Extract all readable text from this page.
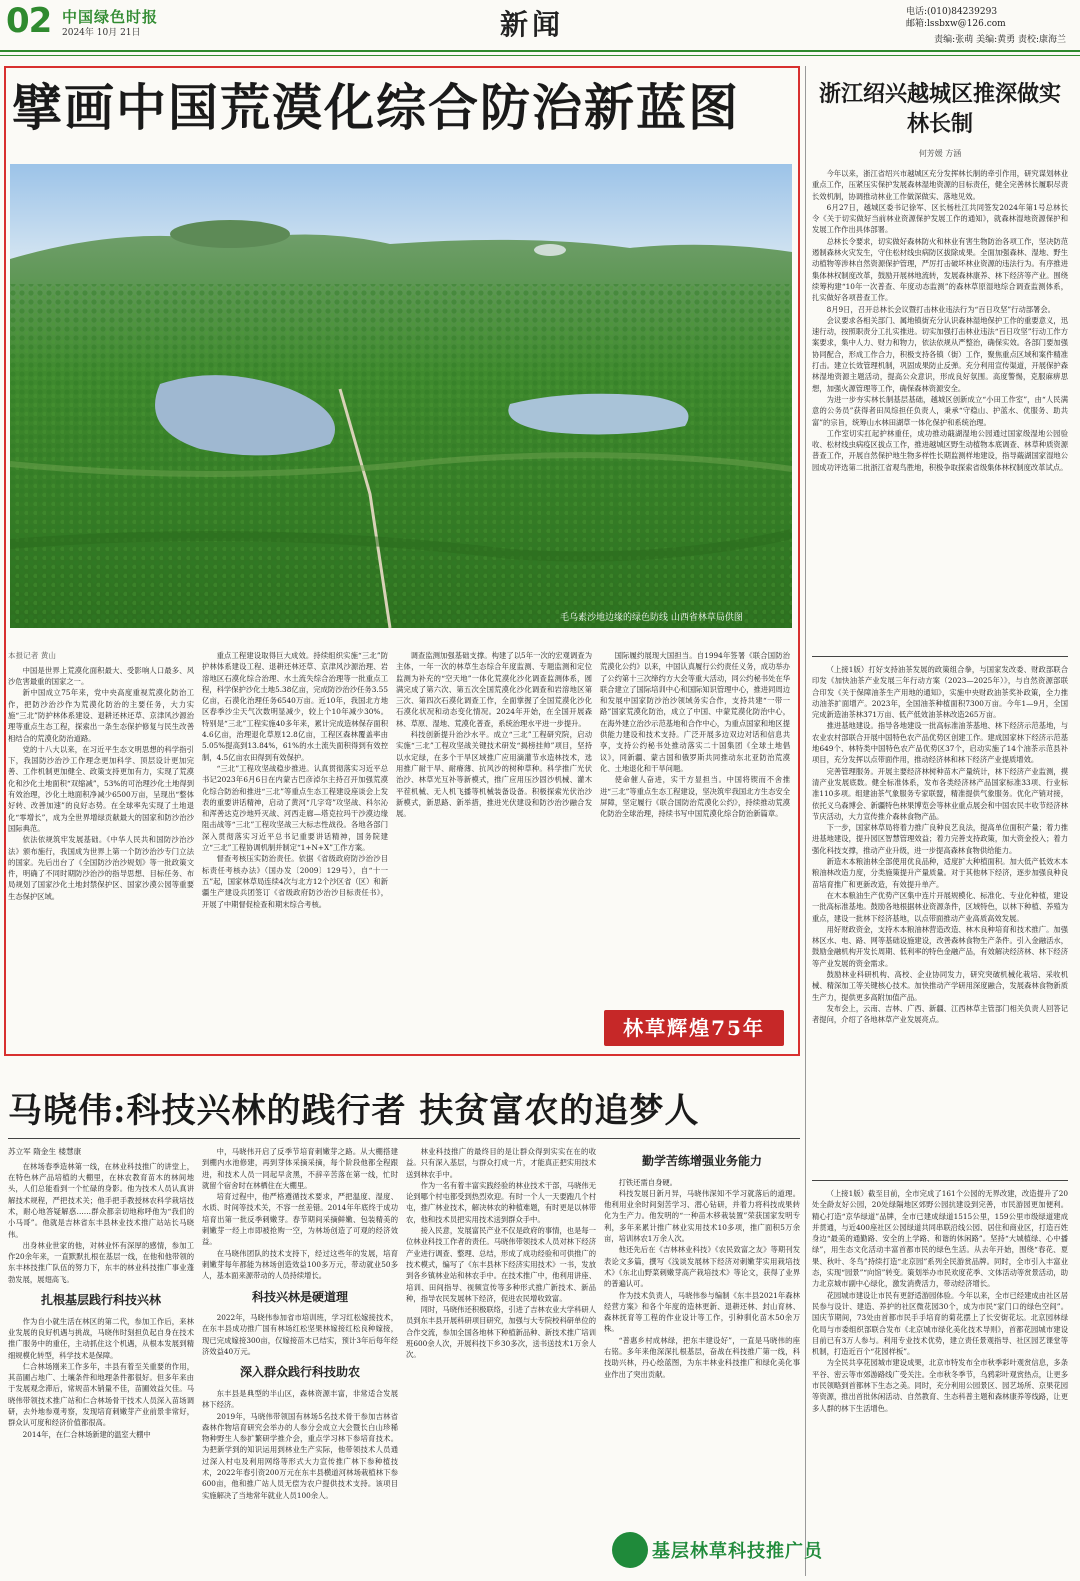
02 中国绿色时报
2024年 10月 21日	新闻	电话:(010)84239293
邮箱:lssbxw@126.com
责编:张萌 美编:黄勇 责校:康海兰
擘画中国荒漠化综合防治新蓝图
毛乌素沙地边缘的绿色防线 山西省林草局供图
本报记者 黄山

中国是世界上荒漠化面积最大、受影响人口最多、风沙危害最重的国家之一。

新中国成立75年来，党中央高度重视荒漠化防治工作，把防沙治沙作为荒漠化防治的主要任务，大力实施“三北”防护林体系建设、退耕还林还草、京津风沙源治理等重点生态工程，探索出一条生态保护修复与民生改善相结合的荒漠化防治道路。

党的十八大以来，在习近平生态文明思想的科学指引下，我国防沙治沙工作理念更加科学、顶层设计更加完善、工作机制更加健全、政策支持更加有力，实现了荒漠化和沙化土地面积“双缩减”，53%的可治理沙化土地得到有效治理，沙化土地面积净减少6500万亩，呈现出“整体好转、改善加速”的良好态势。在全球率先实现了土地退化“零增长”，成为全世界增绿贡献最大的国家和防沙治沙国际典范。

依法依规筑牢发展基础。《中华人民共和国防沙治沙法》颁布施行，我国成为世界上第一个防沙治沙专门立法的国家。先后出台了《全国防沙治沙规划》等一批政策文件，明确了不同时期防沙治沙的指导思想、目标任务、布局规划了国家沙化土地封禁保护区、国家沙漠公园等重要生态保护区域。

重点工程建设取得巨大成效。持续组织实施“三北”防护林体系建设工程、退耕还林还草、京津风沙源治理、岩溶地区石漠化综合治理、水土流失综合治理等一批重点工程，科学保护沙化土地5.38亿亩，完成防沙治沙任务3.55亿亩，石漠化治理任务6540万亩。近10年，我国北方地区春季沙尘天气次数明显减少，较上个10年减少30%。特别是“三北”工程实施40多年来，累计完成造林保存面积4.6亿亩，治理退化草原12.8亿亩，工程区森林覆盖率由5.05%提高到13.84%，61%的水土流失面积得到有效控制，4.5亿亩农田得到有效保护。

“三北”工程攻坚战稳步推进。认真贯彻落实习近平总书记2023年6月6日在内蒙古巴彦淖尔主持召开加强荒漠化综合防治和推进“三北”等重点生态工程建设座谈会上发表的重要讲话精神，启动了黄河“几字弯”攻坚战、科尔沁和浑善达克沙地歼灭战、河西走廊—塔克拉玛干沙漠边缘阻击战等“三北”工程攻坚战三大标志性战役。各地各部门深入贯彻落实习近平总书记重要讲话精神，国务院建立“三北”工程协调机制并制定“1+N+X”工作方案。

督查考核压实防治责任。依据《省级政府防沙治沙目标责任考核办法》（国办发〔2009〕129号），自“十一五”起，国家林草局连续4次与北方12个沙区省（区）和新疆生产建设兵团签订《省级政府防沙治沙目标责任书》，开展了中期督促检查和期末综合考核。

调查监测加强基础支撑。构建了以5年一次的宏观调查为主体，一年一次的林草生态综合年度监测、专题监测和定位监测为补充的“空天地”一体化荒漠化沙化调查监测体系，圆满完成了第六次、第五次全国荒漠化沙化调查和岩溶地区第三次、第四次石漠化调查工作，全面掌握了全国荒漠化沙化石漠化状况和动态变化情况。2024年开始，在全国开展森林、草原、湿地、荒漠化普查，系统治理水平进一步提升。

科技创新提升治沙水平。成立“三北”工程研究院，启动实施“三北”工程攻坚战关键技术研发“揭榜挂帅”项目，坚持以水定绿，在多个干旱区域推广应用滴灌节水造林技术，选用推广耐干旱、耐瘠薄、抗风沙的树种草种。科学推广光伏治沙、林草光互补等新模式，推广应用压沙固沙机械、灌木平茬机械、无人机飞播等机械装备设备。积极探索光伏治沙新模式，新思路、新举措，推进光伏建设和防沙治沙融合发展。

国际履约展现大国担当。自1994年签署《联合国防治荒漠化公约》以来，中国认真履行公约责任义务，成功举办了公约第十三次缔约方大会等重大活动，同公约秘书处在华联合建立了国际培训中心和国际知识管理中心，推进同周边和发展中国家防沙治沙领域务实合作，支持共建“一带一路”国家荒漠化防治，成立了中国、中蒙荒漠化防治中心，在海外建立治沙示范基地和合作中心，为重点国家和地区提供能力建设和技术支持。广泛开展多边双边对话和信息共享，支持公约秘书处推动落实二十国集团《全球土地倡议》，同新疆、蒙古国和俄罗斯共同推动东北亚防治荒漠化、土地退化和干旱问题。

使命催人奋进，实干方显担当。中国将锲而不舍推进“三北”等重点生态工程建设，坚决筑牢我国北方生态安全屏障，坚定履行《联合国防治荒漠化公约》，持续推动荒漠化防治全球治理，持续书写中国荒漠化综合防治新篇章。

林草辉煌75年
浙江绍兴越城区推深做实林长制
何芳媛 方涵

今年以来，浙江省绍兴市越城区充分发挥林长制的牵引作用，研究谋划林业重点工作，压紧压实保护发展森林湿地资源的目标责任，健全完善林长履职尽责长效机制，协调推动林业工作做深做实、落地见效。

6月27日，越城区委书记徐军、区长杨杜江共同签发2024年第1号总林长令《关于切实做好当前林业资源保护发展工作的通知》，就森林湿地资源保护和发展工作作出具体部署。

总林长令要求，切实做好森林防火和林业有害生物防治各项工作，坚决防范遏制森林火灾发生，守住松材线虫病防区拔除成果。全面加强森林、湿地、野生动植物等涉林自然资源保护管理，严厉打击破坏林业资源的违法行为。有序推进集体林权制度改革，鼓励开展林地流转，发展森林康养、林下经济等产业。围绕续筹构建“10年一次普查、年度动态监测”的森林草原湿地综合调查监测体系，扎实做好各项普查工作。

8月9日，召开总林长会议暨打击林业违法行为“百日攻坚”行动部署会。

会议要求各相关部门、属地镇街充分认识森林湿地保护工作的重要意义，迅速行动，按照职责分工扎实推进。切实加强打击林业违法“百日攻坚”行动工作方案要求，集中人力、财力和物力，依法依规从严整治，确保实效。各部门要加强协同配合，形成工作合力，积极支持各镇（街）工作，聚焦重点区域和案件精准打击。建立长效管理机制，巩固成果防止反弹。充分利用宣传渠道，开展保护森林湿地资源主题活动，提高公众意识，形成良好氛围。高度警惕，克服麻痹思想，加强火源管理等工作，确保森林资源安全。

为进一步夯实林长制基层基础，越城区创新成立“小田工作室”，由“人民满意的公务员”获得者田凤综担任负责人，秉承“守稳山、护蓝水、优服务、助共富”的宗旨，统筹山水林田湖草一体化保护和系统治理。

工作室切实扛起护林重任，成功推动蕺湖湿地公园通过国家级湿地公园验收、松材线虫病疫区拔点工作，推进越城区野生动植物本底调查、林草种质资源普查工作，开展自然保护地生物多样性长期监测样地建设，指导蕺湖国家湿地公园成功评选第二批浙江省观鸟胜地，积极争取探索省级集体林权制度改革试点。

（上接1版）打好支持油茶发展的政策组合拳，与国家发改委、财政部联合印发《加快油茶产业发展三年行动方案（2023—2025年）》，与自然资源部联合印发《关于保障油茶生产用地的通知》，实施中央财政油茶奖补政策，全力推动油茶扩面增产。2023年，全国油茶种植面积7300万亩。今年1—9月，全国完成新造油茶林371万亩、低产低效油茶林改造265万亩。

推进基地建设。指导各地建设一批高标准油茶基地、林下经济示范基地，与农业农村部联合开展中国特色农产品优势区创建工作。建成国家林下经济示范基地649个、林特类中国特色农产品优势区37个，启动实施了14个油茶示范县补项目，充分发挥以点带面作用，推动经济林和林下经济产业提质增效。

完善管理服务。开展主要经济林树种苗木产量统计，林下经济产业监测，摸清产业发展底数。健全标准体系，发布各类经济林产品国家标准33项、行业标准110多项。组建油茶气象服务专家联盟，精准提供气象服务。优化产销对接，依托义乌森博会、新疆特色林果博览会等林业重点展会和中国农民丰收节经济林节庆活动，大力宣传推介森林食物产品。

下一步，国家林草局将着力推广良种良艺良法，提高单位面积产量；着力推进基地建设，提升园区智慧管理效益；着力完善支持政策，加大资金投入；着力强化科技支撑，推动产业升级，进一步提高森林食物供给能力。

新造木本粮油林全部使用优良品种，适度扩大种植面积。加大低产低效木本粮油林改造力度，分类施策提升产量质量。对于其他林下经济，逐步加强良种良苗培育推广和更新改造，有效提升单产。

在木本粮油生产优势产区集中连片开展规模化、标准化、专业化种植，建设一批高标准基地。鼓励各地根据林业资源条件，区域特色，以林下种植、养殖为重点，建设一批林下经济基地，以点带面推动产业高质高效发展。

用好财政资金，支持木本粮油林营造改造、林木良种培育和技术推广。加强林区水、电、路、网等基础设施建设，改善森林食物生产条件。引入金融活水，鼓励金融机构开发长周期、低利率的特色金融产品，有效解决经济林、林下经济等产业发展的资金需求。

鼓励林业科研机构、高校、企业协同发力，研究突破机械化栽培、采收机械、精深加工等关键核心技术。加快推动产学研用深度融合，发展森林食物新质生产力，提供更多高附加值产品。

发布会上，云南、吉林、广西、新疆、江西林草主管部门相关负责人回答记者提问，介绍了各地林草产业发展亮点。

（上接1版）截至目前，全市完成了161个公园的无界改建，改造提升了20处全龄友好公园，20处绿隔地区郊野公园抗建设到完善，市民游园更加便利。精心打造“京华绿道”品牌，全市已建成绿道1515公里，159公里市级绿道建成并贯通，与近400座社区公园绿道共同串联沿线公园、居住和商业区，打造百姓身边“最美的通勤路、安全的上学路、和谐的休闲路”。坚持“大城植绿、心中播绿”，用生态文化活动丰富首都市民的绿色生活。从去年开始，围绕“春花、夏果、秋叶、冬鸟”持续打造“北京园”系列全民游赏品牌。同时，全市引入丰富业态，实现“园景”“向馆”转变。策划举办市民欢度花季、文体活动等赏景活动，助力北京城市副中心绿化，激发消费活力，带动经济增长。

花园城市建设让市民有更舒适游园体验。今年以来，全市已经建成由社区居民参与设计、建造、养护的社区微花园30个，成为市民“家门口的绿色空间”。国庆节期间，73处由首都市民手手培育的菊花摆上了长安街花坛。北京园林绿化局与市委组织部联合发布《北京城市绿化美化技术导则》，首都花园城市建设目前已有3万人参与。利用专业技术优势，建立责任景观指导、社区园艺课堂等机制，打造近百个“花园样板”。

为全民共享花园城市建设成果，北京市特发布全市秋季彩叶观赏信息，多条平谷、密云等市郊游路线广受关注。全市秋冬季节，乌鸦彩叶观赏热点，让更多市民领略到首都林下生态之美。同时，充分利用公园景区、园艺场所、京果花园等资源，推出首批休闲活动、自然教育、生态科普主题和森林康养等线路，让更多人群的林下生活增色。

马晓伟:科技兴林的践行者 扶贫富农的追梦人
苏立军 隋金生 楼慧康

在林场春季造林第一线，在林业科技推广的讲堂上，在特色林产品培植的大棚里，在林农教育苗木的林间地头，人们总能看到一个忙碌的身影。他为技术人员认真讲解技术规程，严把技术关；他手把手教授林农科学栽培技术，耐心地答疑解惑……群众都亲切地称呼他为“我们的小马哥”。他就是吉林省东丰县林业技术推广站站长马晓伟。

出身林业世家的他，对林业怀有深厚的感情，参加工作20余年来，一直默默扎根在基层一线，在他和他带领的东丰林技推广队伍的努力下，东丰的林业科技推广事业蓬勃发展，展翅高飞。

扎根基层践行科技兴林

作为自小就生活在林区的第二代，参加工作后，来林业发展的良好机遇与挑战，马晓伟时刻担负起自身在技术推广服务中的重任，主动抓住这个机遇，从根本发展到精细规模化转型，科学技术是保障。

仁合林场刚来工作多年，丰县有着至关重要的作用，其苗圃占地广、土壤条件和地理条件都很好。但多年来由于发展观念滞后，常规苗木销量不佳，苗圃效益欠佳。马晓伟带领技术推广站和仁合林场骨干技术人员深入苗场调研，去外地参观考察，发现培育刺嫩芽产业前景非常好，群众认可度和经济价值都很高。

2014年，在仁合林场新建的温室大棚中

中，马晓伟开启了反季节培育刺嫩芽之路。从大棚搭建到棚内水池修建，再到芽体采摘采摘，每个阶段他都全程跟进，和技术人员一同起早贪黑，不辞辛苦落在第一线，忙时就留个宿舍时在林栖住在大棚里。

培育过程中，他严格遵循技术要求，严把温度、湿度、水质、时间等技术关，不容一丝差错。2014年年底终于成功培育出第一批反季刺嫩芽。春节期间采摘鲜嫩、包装精美的刺嫩芽一经上市即被抢购一空，为林场创造了可观的经济效益。

在马晓伟团队的技术支持下，经过这些年的发展，培育刺嫩芽每年都能为林场创造效益100多万元，带动就业50多人，基本面来源带动的人员持续增长。

科技兴林是硬道理

2022年，马晓伟参加省市培训班，学习红松嫁接技术，在东丰县成功推广国有林场红松坚果林嫁接红松良种嫁接，现已完成嫁接300亩，仅嫁接苗木已结实，预计3年后每年经济效益40万元。

深入群众践行科技助农

东丰县是典型的半山区，森林资源丰富，非常适合发展林下经济。

2019年，马晓伟带领国有林场5名技术骨干参加吉林省森林作物培育研究会举办的人参分会成立大会暨长白山珍稀物种野生人参扩繁研学推介会，重点学习林下参培育技术。为把新学到的知识运用到林业生产实际，他带领技术人员通过深入村屯及利用网络等形式大力宣传推广林下参种植技术，2022年春引资200万元在东丰县横道河林场栽植林下参600亩，他和推广站人员无偿为农户提供技术支持。该项目实施解决了当地常年就业人员100余人。

林业科技推广的最终目的是让群众得到实实在在的收益。只有深入基层，与群众打成一片，才能真正把实用技术送到林农手中。

作为一名有着丰富实践经验的林业技术干部，马晓伟无论到哪个村屯都受到热烈欢迎。有时一个人一天要跑几个村屯，推广林业技术，解决林农的种植难题，有时更是以林带农，他和技术员把实用技术送到群众手中。

接入民意，发展富民产业不仅是政府的事情，也是每一位林业科技工作者的责任。马晓伟带领技术人员对林下经济产业进行调查、整理、总结，形成了成功经验和可供推广的技术模式，编写了《东丰县林下经济实用技术》一书，发放到各乡镇林业站和林农手中。在技术推广中，他利用讲座、培训、田间指导、视频宣传等多种形式推广新技术、新品种，指导农民发展林下经济，促进农民增收致富。

同时，马晓伟还积极联络，引进了吉林农业大学科研人员到东丰县开展科研项目研究，加强与大专院校科研单位的合作交流，参加全国各地林下种植新品种、新技术推广培训班600余人次，开展科技下乡30多次，送书送技术1万余人次。

勤学苦练增强业务能力

打铁还需自身硬。

科技发展日新月异，马晓伟深知不学习就落后的道理。他利用业余时间刻苦学习、潜心钻研，并着力将科技成果转化为生产力。他发明的“一种苗木移栽装置”荣获国家发明专利，多年来累计推广林业实用技术10多项，推广面积5万余亩，培训林农1万余人次。

他还先后在《吉林林业科技》《农民致富之友》等期刊发表论文多篇，撰写《浅谈发展林下经济对刺嫩芽实用栽培技术》《东北山野菜刺嫩芽高产栽培技术》等论文，获得了业界的普遍认可。

作为技术负责人，马晓伟参与编制《东丰县2021年森林经营方案》和各个年度的造林更新、退耕还林、封山育林、森林抚育等工程的作业设计等工作，引种驯化苗木50余万株。

“普惠乡村成林绿，把东丰建设好”，一直是马晓伟的座右铭。多年来他深深扎根基层，奋战在科技推广第一线，科技助兴林，丹心绘蓝图，为东丰林业科技推广和绿化美化事业作出了突出贡献。

基层林草科技推广员
